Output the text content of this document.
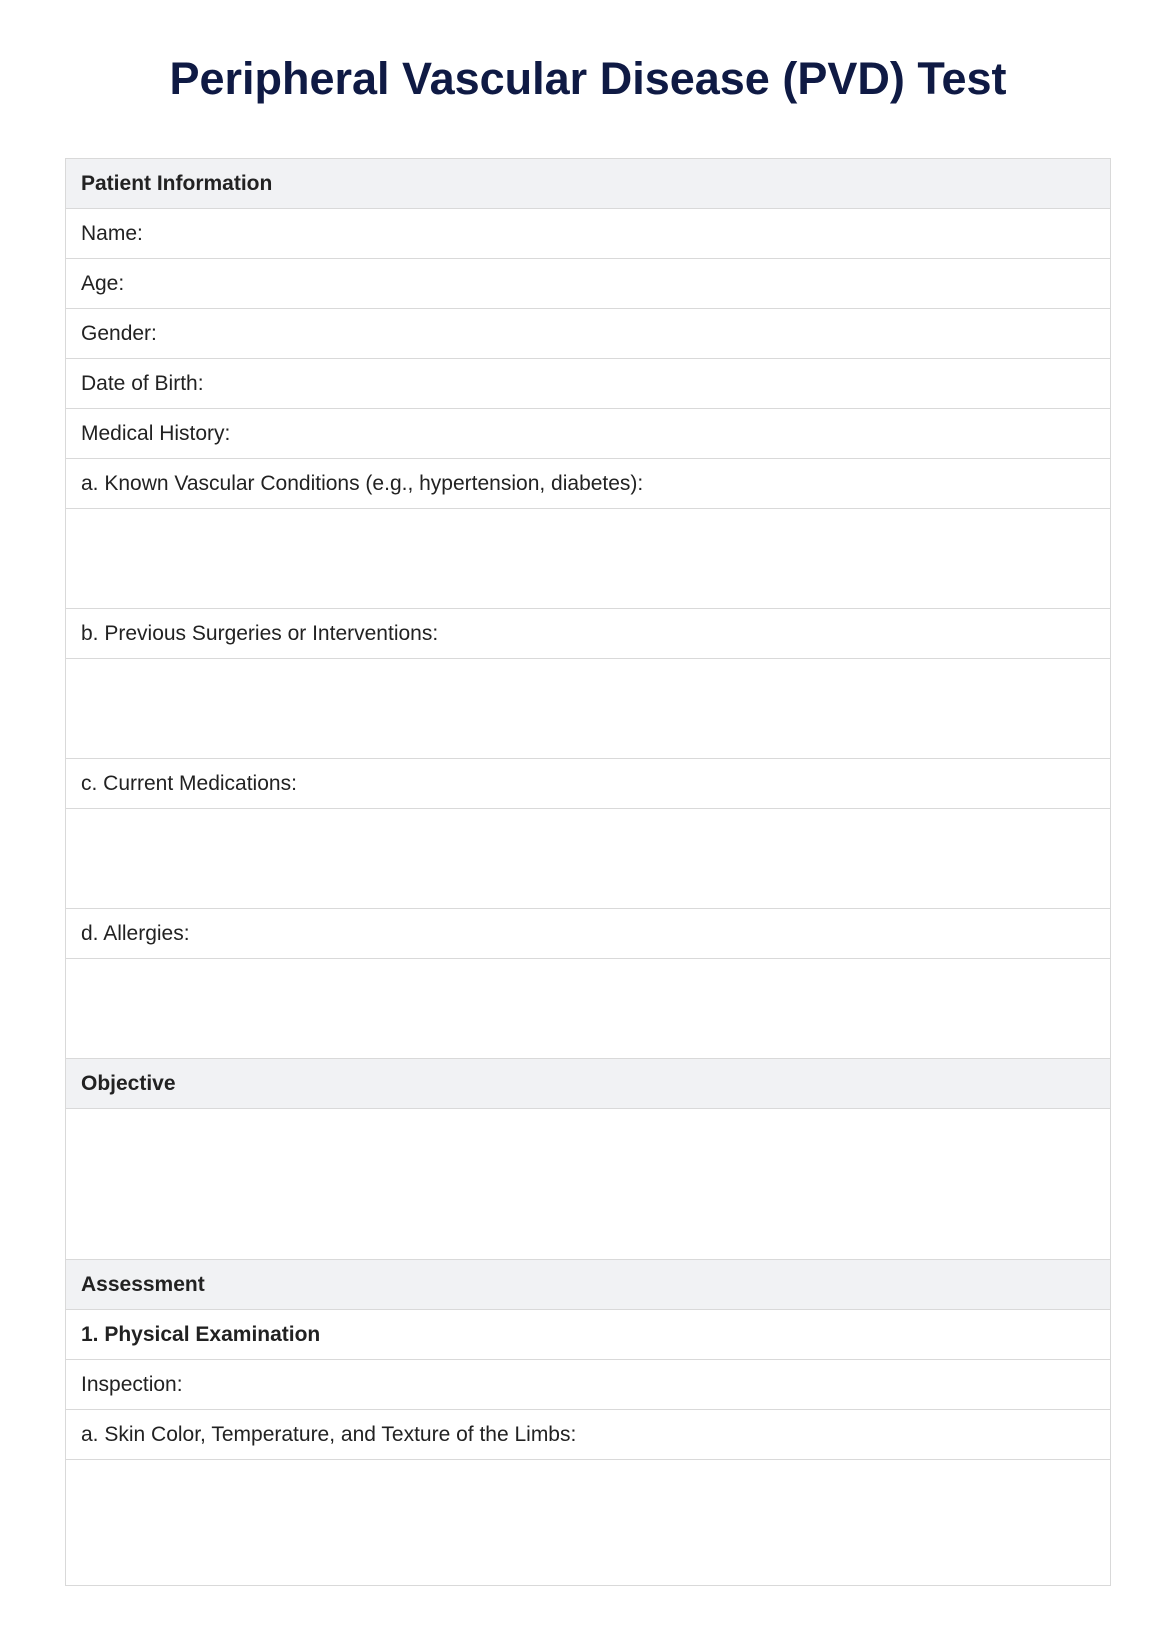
Peripheral Vascular Disease (PVD) Test
Patient Information
Name:
Age:
Gender:
Date of Birth:
Medical History:
a. Known Vascular Conditions (e.g., hypertension, diabetes):
b. Previous Surgeries or Interventions:
c. Current Medications:
d. Allergies:
Objective
Assessment
1. Physical Examination
Inspection:
a. Skin Color, Temperature, and Texture of the Limbs:
